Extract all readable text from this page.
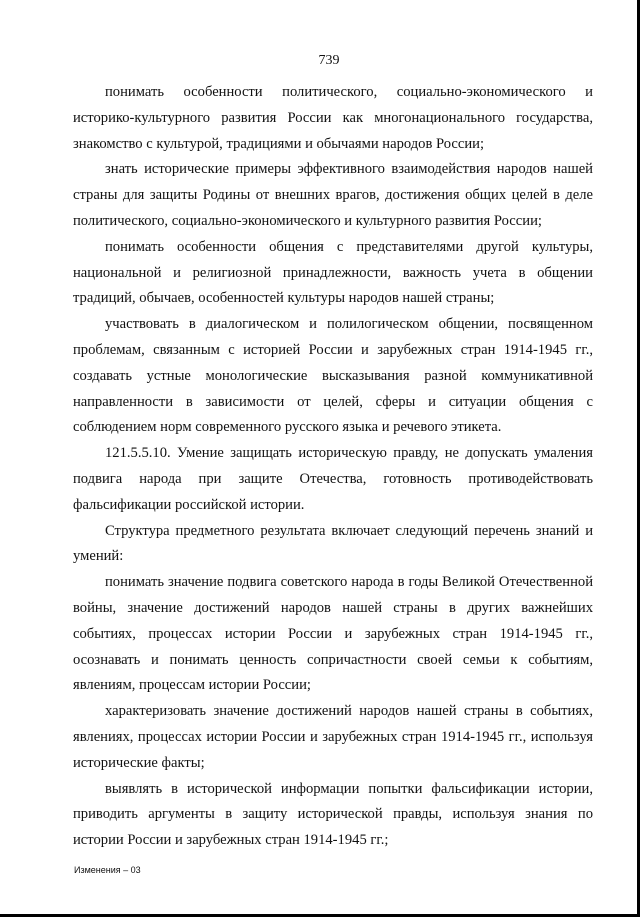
739

понимать особенности политического, социально-экономического и историко-культурного развития России как многонационального государства, знакомство с культурой, традициями и обычаями народов России;

знать исторические примеры эффективного взаимодействия народов нашей страны для защиты Родины от внешних врагов, достижения общих целей в деле политического, социально-экономического и культурного развития России;

понимать особенности общения с представителями другой культуры, национальной и религиозной принадлежности, важность учета в общении традиций, обычаев, особенностей культуры народов нашей страны;

участвовать в диалогическом и полилогическом общении, посвященном проблемам, связанным с историей России и зарубежных стран 1914-1945 гг., создавать устные монологические высказывания разной коммуникативной направленности в зависимости от целей, сферы и ситуации общения с соблюдением норм современного русского языка и речевого этикета.

121.5.5.10. Умение защищать историческую правду, не допускать умаления подвига народа при защите Отечества, готовность противодействовать фальсификации российской истории.

Структура предметного результата включает следующий перечень знаний и умений:

понимать значение подвига советского народа в годы Великой Отечественной войны, значение достижений народов нашей страны в других важнейших событиях, процессах истории России и зарубежных стран 1914-1945 гг., осознавать и понимать ценность сопричастности своей семьи к событиям, явлениям, процессам истории России;

характеризовать значение достижений народов нашей страны в событиях, явлениях, процессах истории России и зарубежных стран 1914-1945 гг., используя исторические факты;

выявлять в исторической информации попытки фальсификации истории, приводить аргументы в защиту исторической правды, используя знания по истории России и зарубежных стран 1914-1945 гг.;

Изменения – 03
